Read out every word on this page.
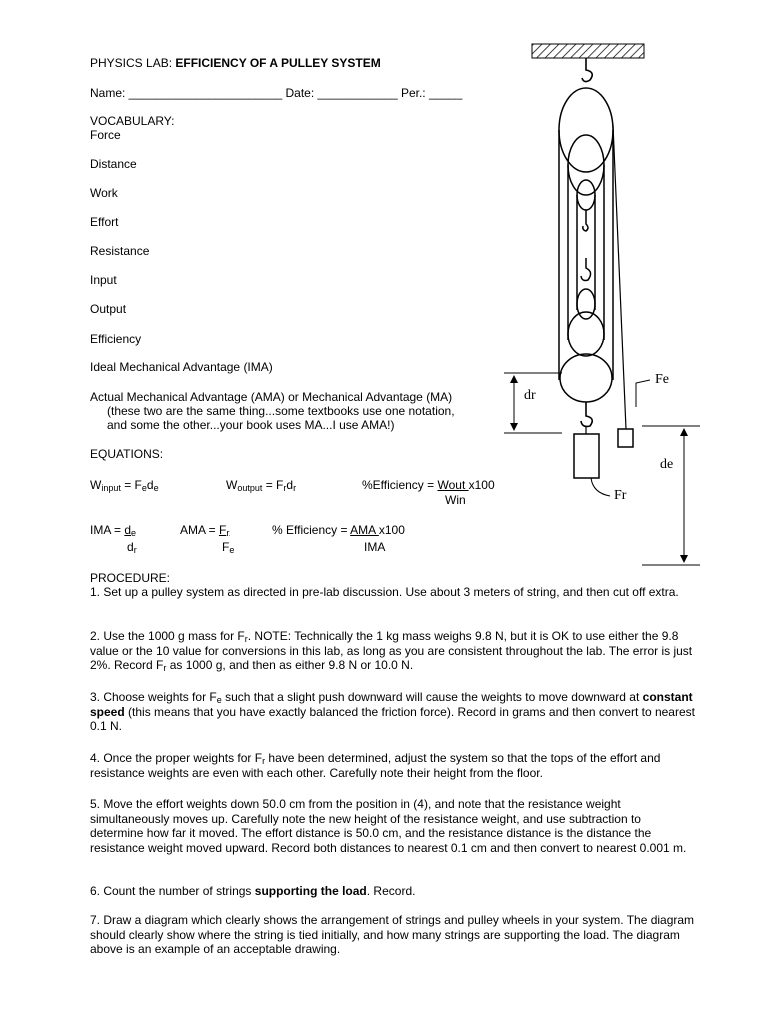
PHYSICS LAB: EFFICIENCY OF A PULLEY SYSTEM
Name: _______________________ Date: ____________ Per.: _____
VOCABULARY:
Force
Distance
Work
Effort
Resistance
Input
Output
Efficiency
Ideal Mechanical Advantage (IMA)
Actual Mechanical Advantage (AMA) or Mechanical Advantage (MA)
(these two are the same thing...some textbooks use one notation,
and some the other...your book uses MA...I use AMA!)
EQUATIONS:
$W_{input} = F_ed_e$	$W_{output} = F_rd_r$	%Efficiency = Wout x100
Win
IMA = $d_e$
$d_r$
AMA = $F_r$
$F_e$
% Efficiency = AMA x100
IMA
PROCEDURE:
1. Set up a pulley system as directed in pre-lab discussion. Use about 3 meters of string, and then cut off extra.
2. Use the 1000 g mass for $F_r$. NOTE: Technically the 1 kg mass weighs 9.8 N, but it is OK to use either the 9.8 value or the 10 value for conversions in this lab, as long as you are consistent throughout the lab. The error is just 2%. Record $F_r$ as 1000 g, and then as either 9.8 N or 10.0 N.
3. Choose weights for $F_e$ such that a slight push downward will cause the weights to move downward at constant speed (this means that you have exactly balanced the friction force). Record in grams and then convert to nearest 0.1 N.
4. Once the proper weights for $F_r$ have been determined, adjust the system so that the tops of the effort and resistance weights are even with each other. Carefully note their height from the floor.
5. Move the effort weights down 50.0 cm from the position in (4), and note that the resistance weight simultaneously moves up. Carefully note the new height of the resistance weight, and use subtraction to determine how far it moved. The effort distance is 50.0 cm, and the resistance distance is the distance the resistance weight moved upward. Record both distances to nearest 0.1 cm and then convert to nearest 0.001 m.
6. Count the number of strings supporting the load. Record.
7. Draw a diagram which clearly shows the arrangement of strings and pulley wheels in your system. The diagram should clearly show where the string is tied initially, and how many strings are supporting the load. The diagram above is an example of an acceptable drawing.
Fe
dr
de
Fr
